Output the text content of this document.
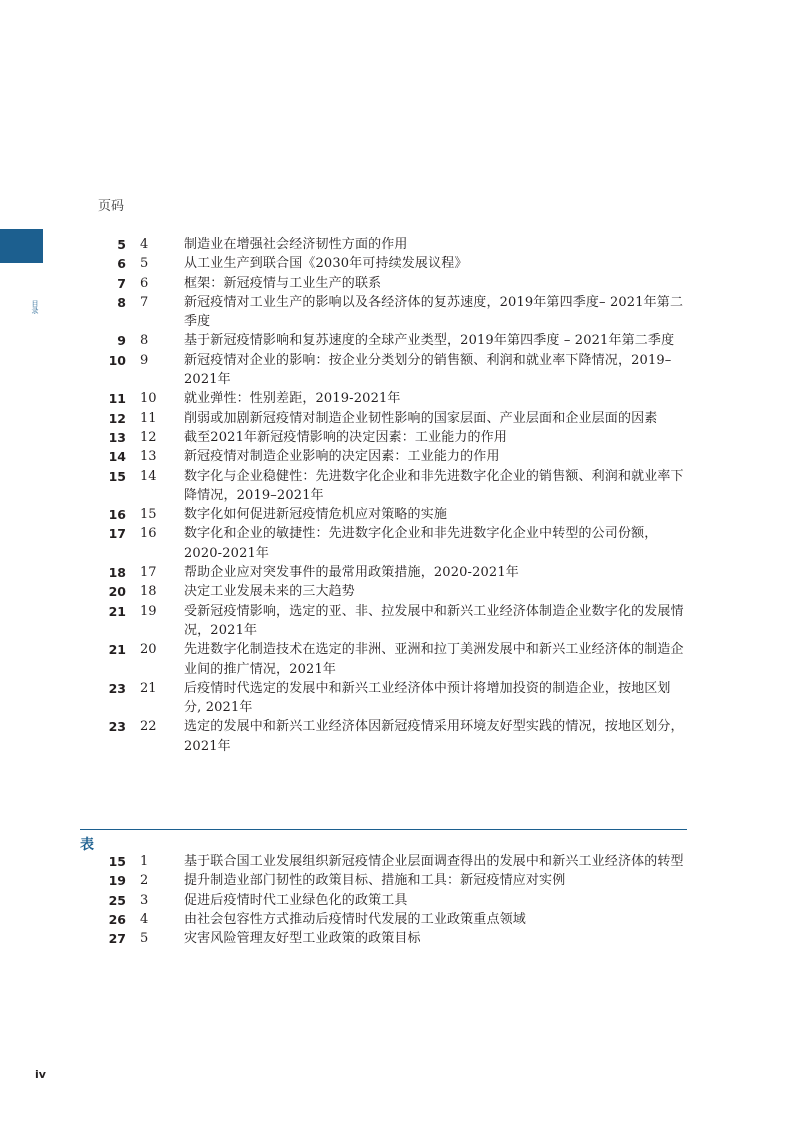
目录
页码
5 4	制造业在增强社会经济韧性方面的作用
6 5	从工业生产到联合国《2030年可持续发展议程》
7 6	框架：新冠疫情与工业生产的联系
8 7	新冠疫情对工业生产的影响以及各经济体的复苏速度，2019年第四季度– 2021年第二季度
9 8	基于新冠疫情影响和复苏速度的全球产业类型，2019年第四季度 – 2021年第二季度
10 9	新冠疫情对企业的影响：按企业分类划分的销售额、利润和就业率下降情况，2019–2021年
11 10	就业弹性：性别差距，2019-2021年
12 11	削弱或加剧新冠疫情对制造企业韧性影响的国家层面、产业层面和企业层面的因素
13 12	截至2021年新冠疫情影响的决定因素：工业能力的作用
14 13	新冠疫情对制造企业影响的决定因素：工业能力的作用
15 14	数字化与企业稳健性：先进数字化企业和非先进数字化企业的销售额、利润和就业率下降情况，2019–2021年
16 15	数字化如何促进新冠疫情危机应对策略的实施
17 16	数字化和企业的敏捷性：先进数字化企业和非先进数字化企业中转型的公司份额，2020-2021年
18 17	帮助企业应对突发事件的最常用政策措施，2020-2021年
20 18	决定工业发展未来的三大趋势
21 19	受新冠疫情影响，选定的亚、非、拉发展中和新兴工业经济体制造企业数字化的发展情况，2021年
21 20	先进数字化制造技术在选定的非洲、亚洲和拉丁美洲发展中和新兴工业经济体的制造企业间的推广情况，2021年
23 21	后疫情时代选定的发展中和新兴工业经济体中预计将增加投资的制造企业，按地区划分, 2021年
23 22	选定的发展中和新兴工业经济体因新冠疫情采用环境友好型实践的情况，按地区划分，2021年
表
15 1	基于联合国工业发展组织新冠疫情企业层面调查得出的发展中和新兴工业经济体的转型
19 2	提升制造业部门韧性的政策目标、措施和工具：新冠疫情应对实例
25 3	促进后疫情时代工业绿色化的政策工具
26 4	由社会包容性方式推动后疫情时代发展的工业政策重点领域
27 5	灾害风险管理友好型工业政策的政策目标
iv
